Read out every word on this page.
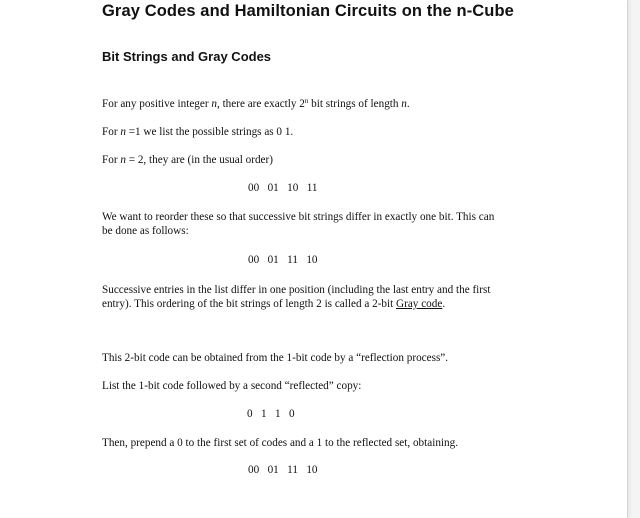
Gray Codes and Hamiltonian Circuits on the n-Cube
Bit Strings and Gray Codes
For any positive integer n, there are exactly 2$^n$ bit strings of length n.
For n =1 we list the possible strings as 0 1.
For n = 2, they are (in the usual order)
00   01   10   11
We want to reorder these so that successive bit strings differ in exactly one bit. This can
be done as follows:
00   01   11   10
Successive entries in the list differ in one position (including the last entry and the first
entry). This ordering of the bit strings of length 2 is called a 2-bit Gray code.
This 2-bit code can be obtained from the 1-bit code by a “reflection process”.
List the 1-bit code followed by a second “reflected” copy:
0   1   1   0
Then, prepend a 0 to the first set of codes and a 1 to the reflected set, obtaining.
00   01   11   10
